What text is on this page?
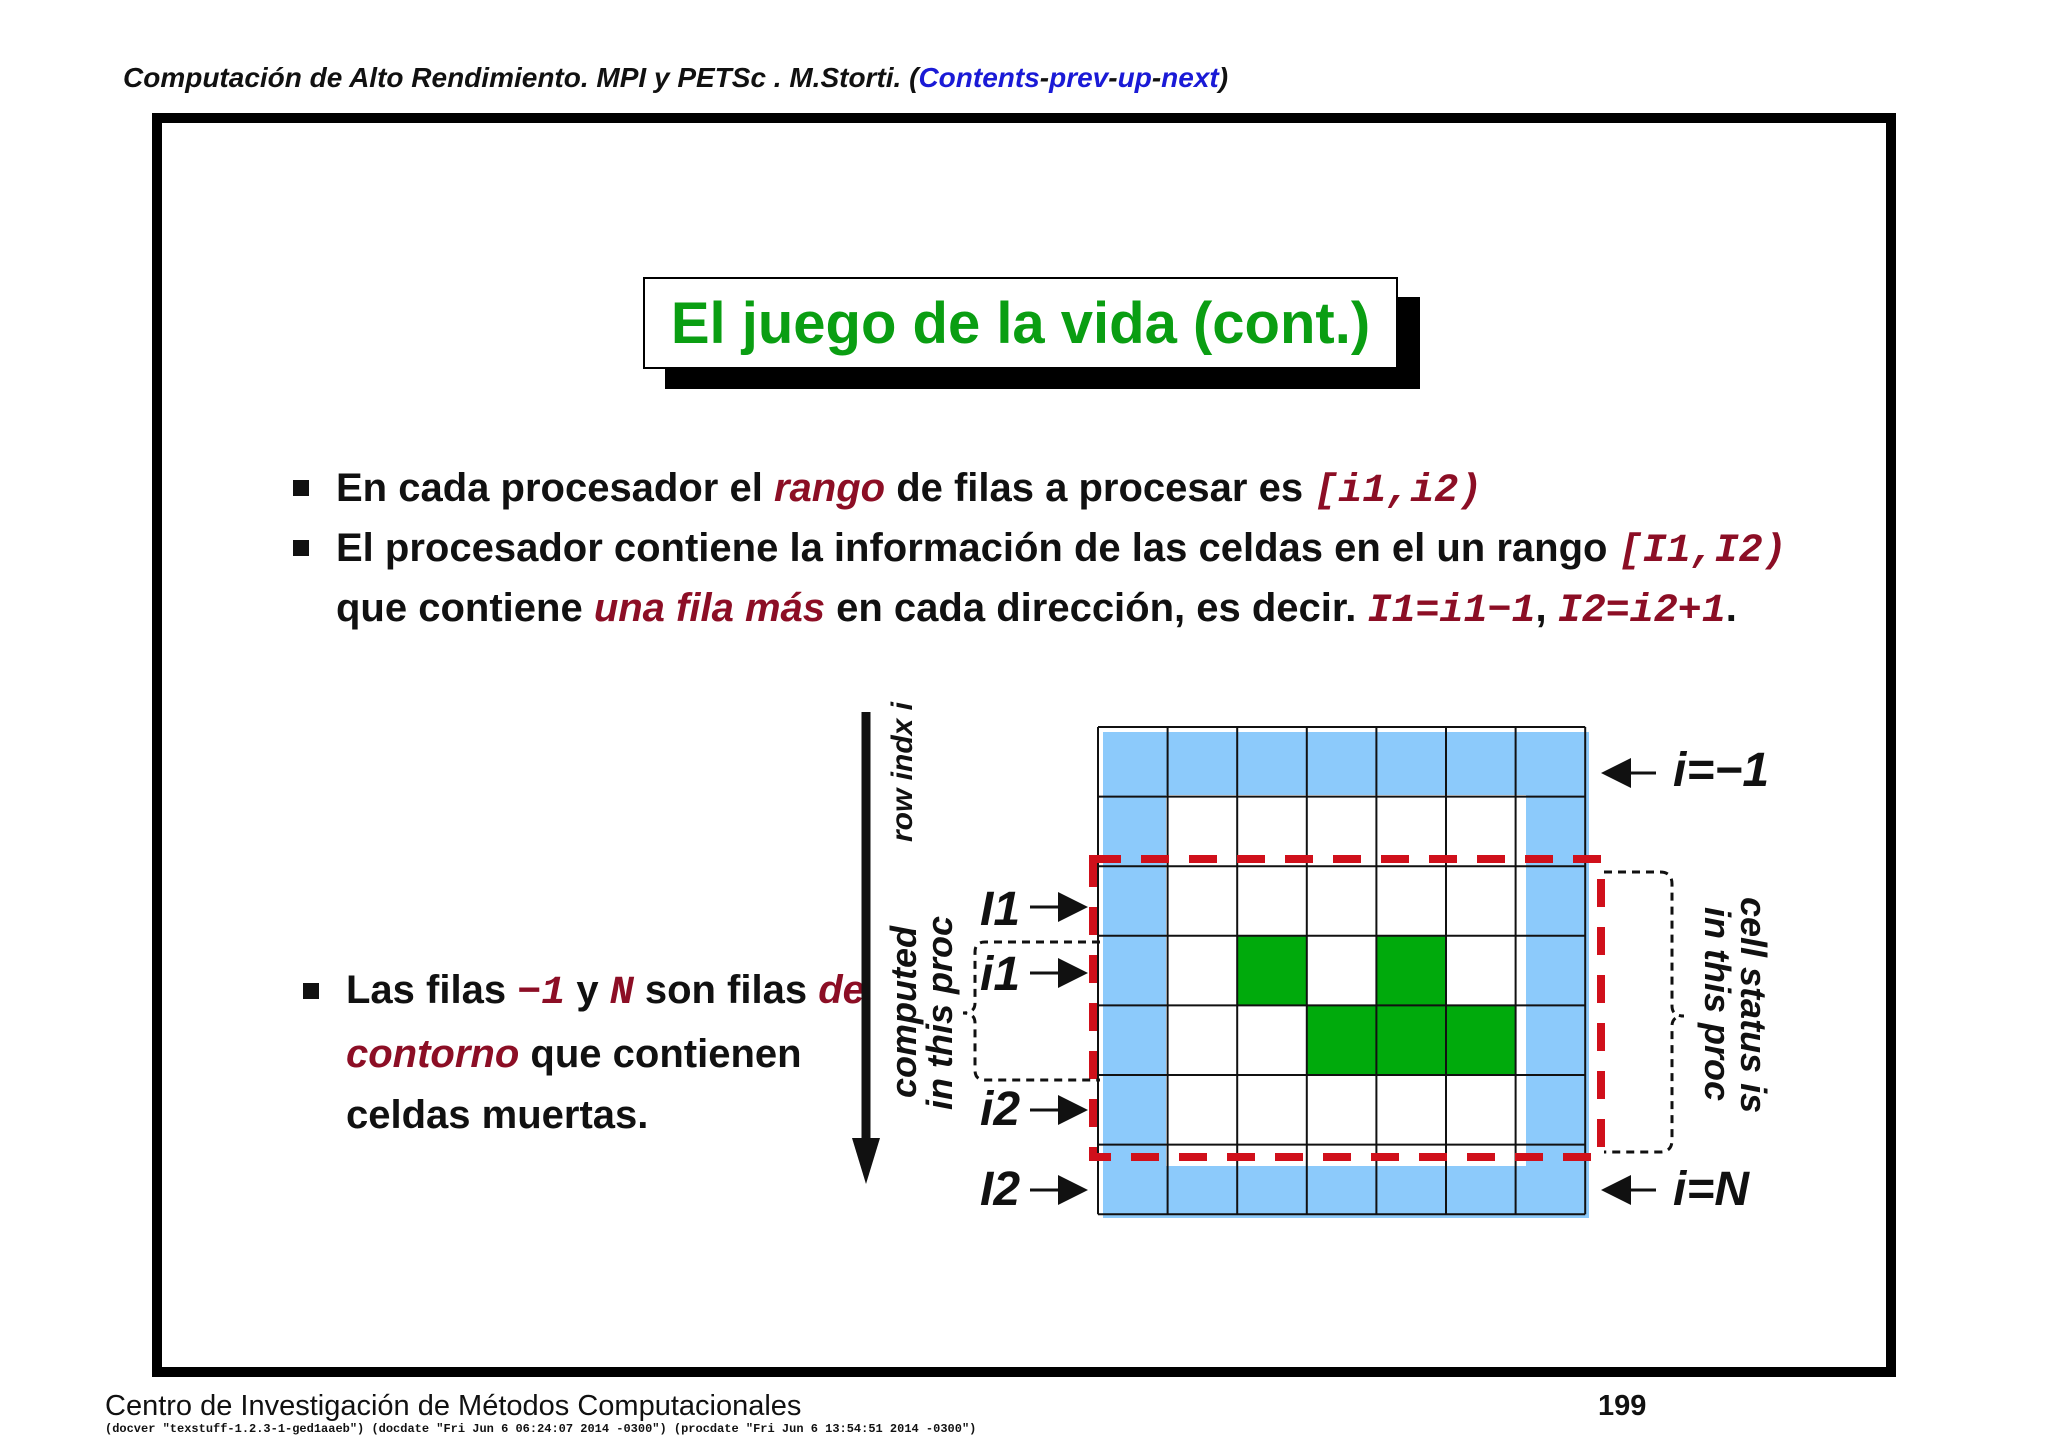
Computación de Alto Rendimiento. MPI y PETSc . M.Storti. (Contents-prev-up-next)
El juego de la vida (cont.)
En cada procesador el rango de filas a procesar es [i1,i2)
El procesador contiene la información de las celdas en el un rango [I1,I2) que contiene una fila más en cada dirección, es decir. I1=i1−1, I2=i2+1.
Las filas −1 y N son filas de contorno que contienen celdas muertas.
row indx i
computed
in this proc
I1
i1
i2
I2
cell status is
in this proc
i=−1
i=N
Centro de Investigación de Métodos Computacionales	199
(docver "texstuff-1.2.3-1-ged1aaeb") (docdate "Fri Jun 6 06:24:07 2014 -0300") (procdate "Fri Jun 6 13:54:51 2014 -0300")
